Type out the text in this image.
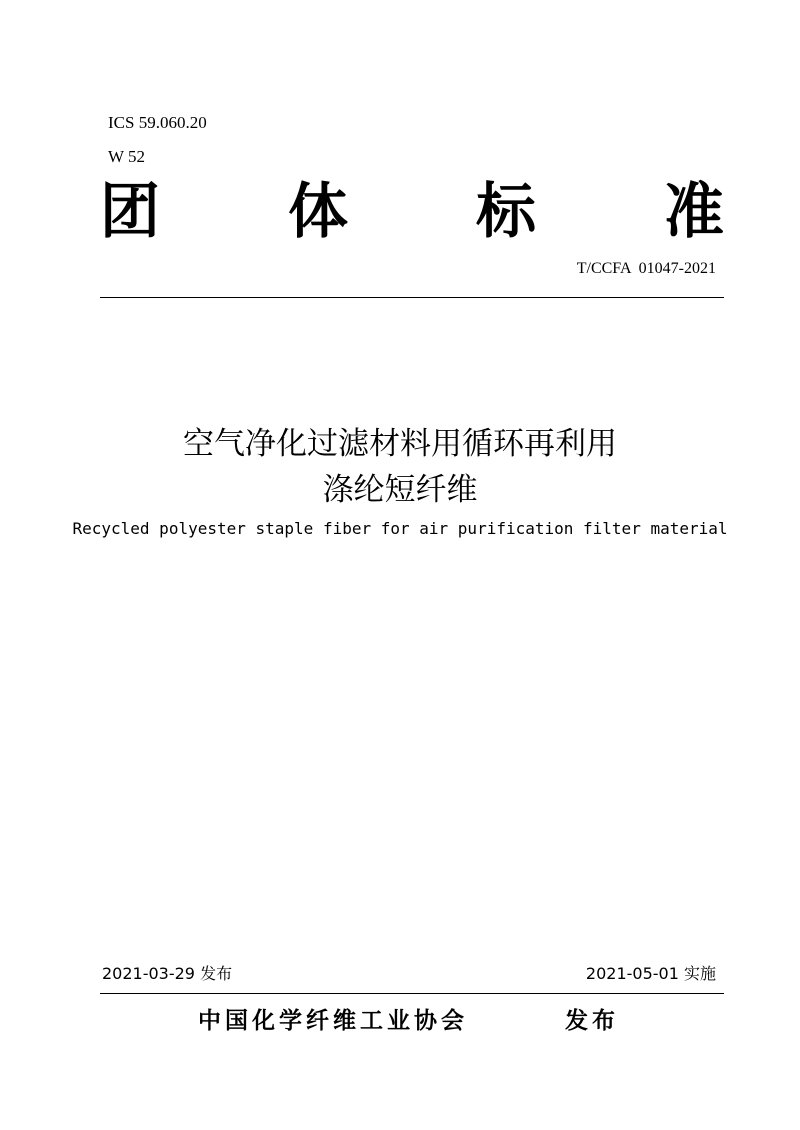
ICS 59.060.20
W 52
团 体 标 准
T/CCFA  01047-2021
空气净化过滤材料用循环再利用
涤纶短纤维
Recycled polyester staple fiber for air purification filter material
2021-03-29 发布	2021-05-01 实施
中国化学纤维工业协会	发布
